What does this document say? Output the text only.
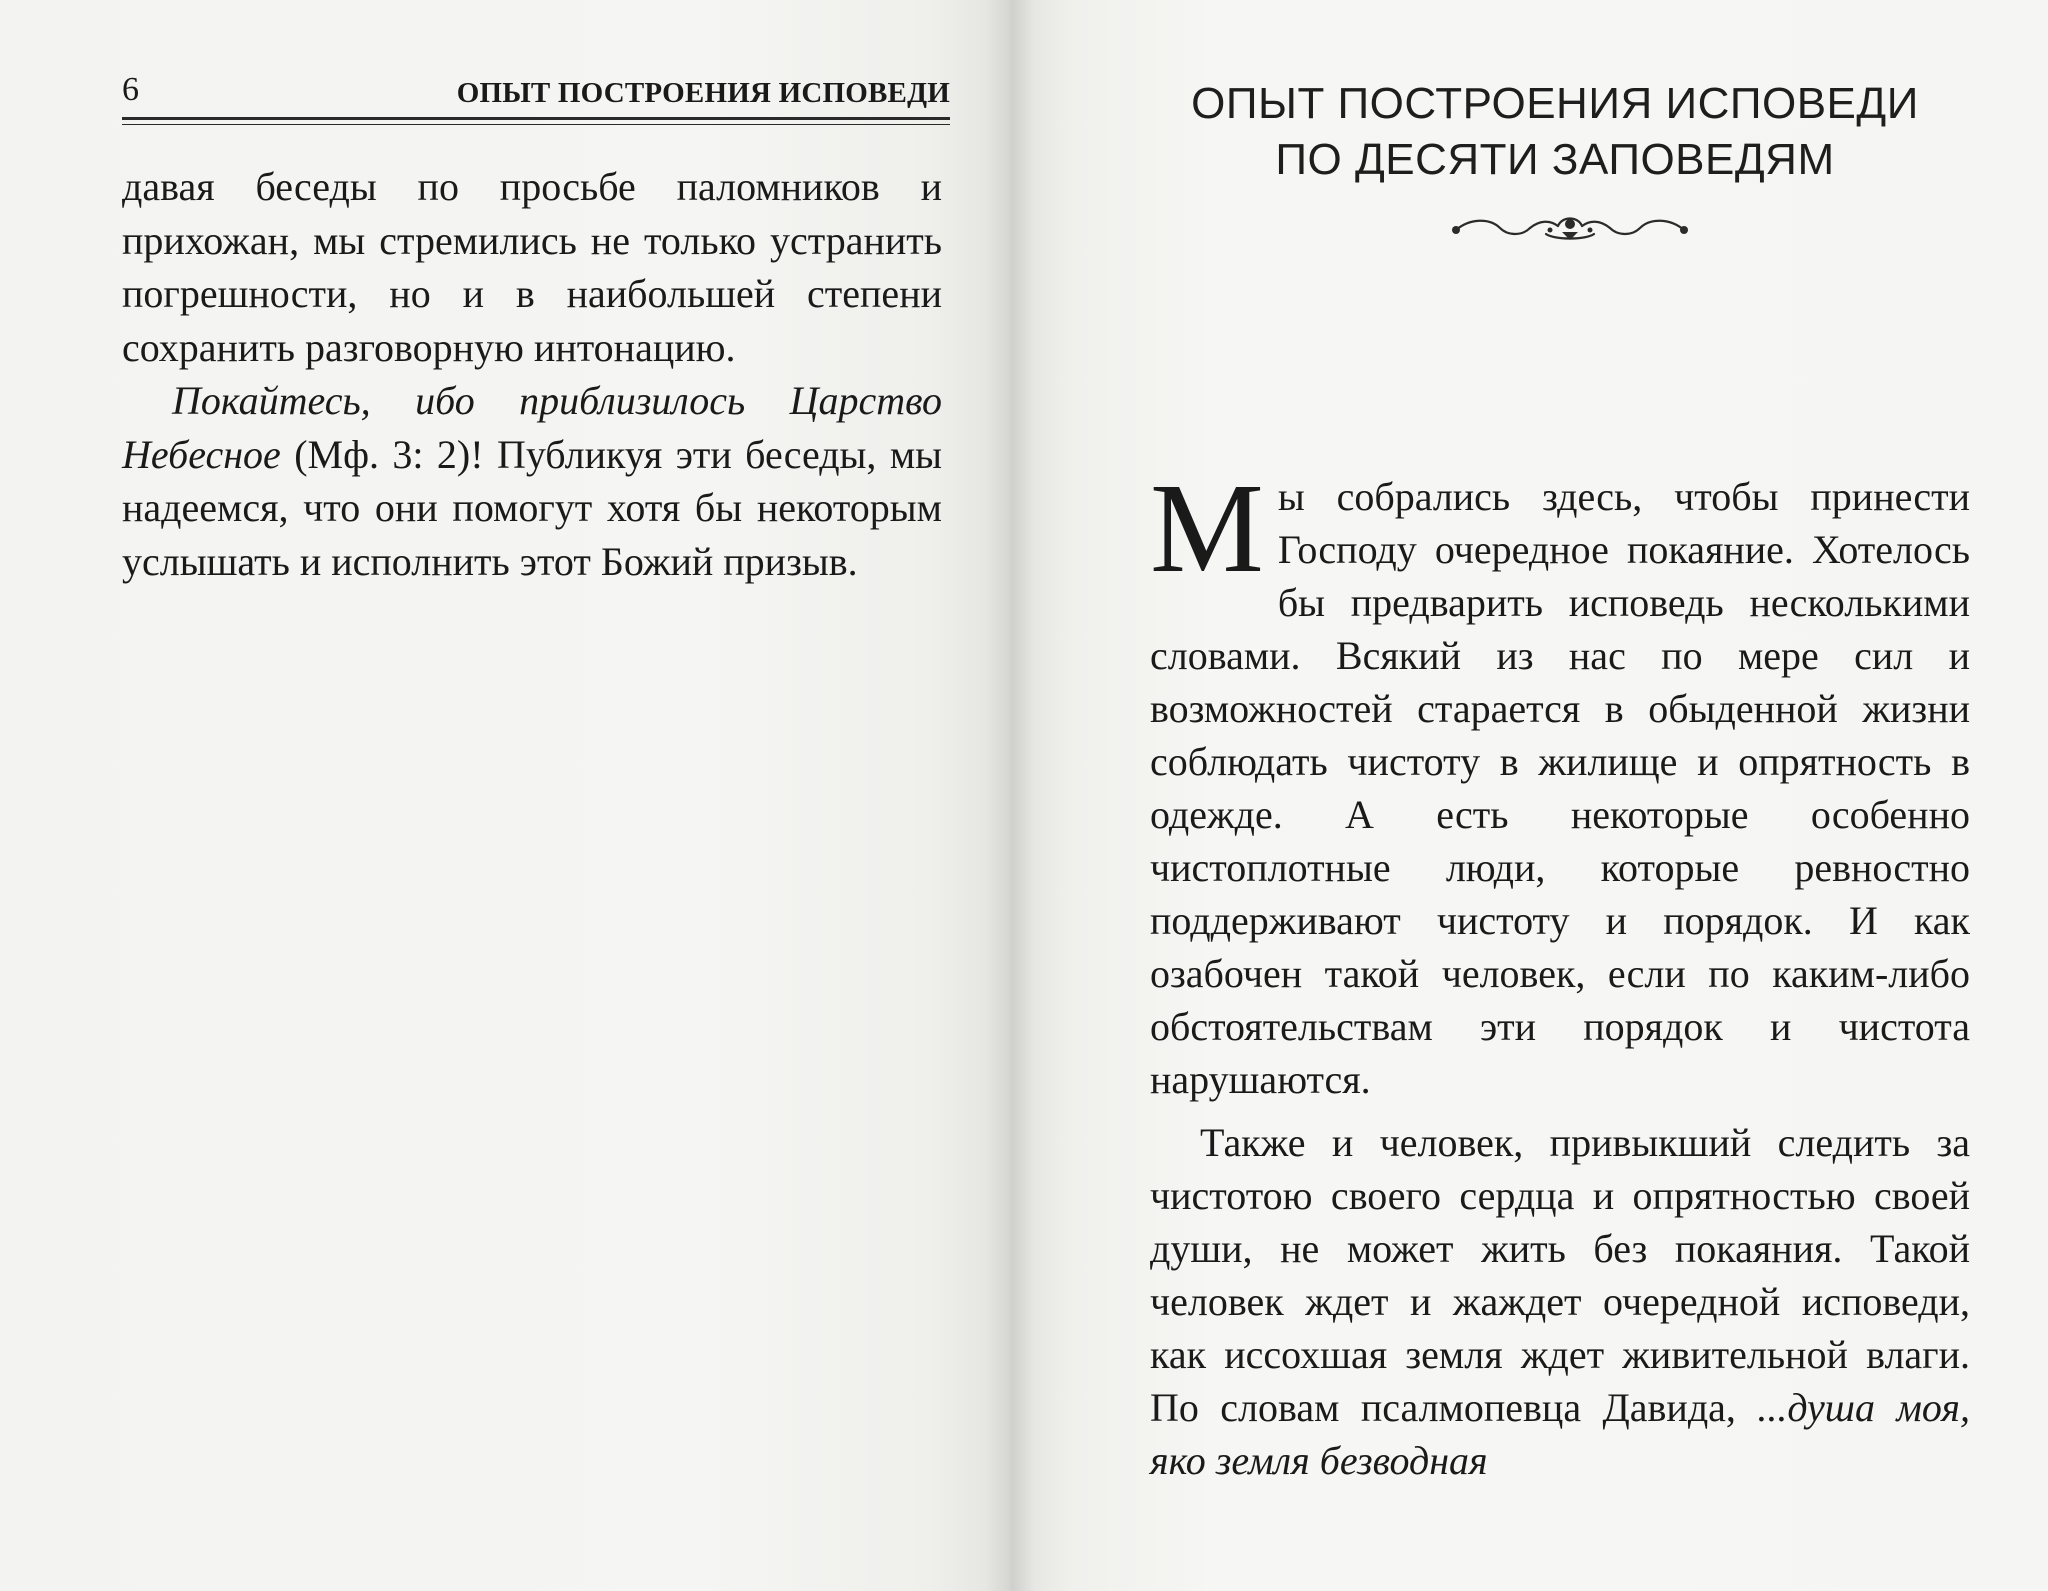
6	ОПЫТ ПОСТРОЕНИЯ ИСПОВЕДИ

давая беседы по просьбе паломников и прихожан, мы стремились не только устранить погрешности, но и в наибольшей степени сохранить разговорную интонацию.

Покайтесь, ибо приблизилось Царство Небесное (Мф. 3: 2)! Публикуя эти беседы, мы надеемся, что они помогут хотя бы некоторым услышать и исполнить этот Божий призыв.

ОПЫТ ПОСТРОЕНИЯ ИСПОВЕДИ
ПО ДЕСЯТИ ЗАПОВЕДЯМ

Мы собрались здесь, чтобы принести Господу очередное покаяние. Хотелось бы предварить исповедь несколькими словами. Всякий из нас по мере сил и возможностей старается в обыденной жизни соблюдать чистоту в жилище и опрятность в одежде. А есть некоторые особенно чистоплотные люди, которые ревностно поддерживают чистоту и порядок. И как озабочен такой человек, если по каким-либо обстоятельствам эти порядок и чистота нарушаются.

Также и человек, привыкший следить за чистотою своего сердца и опрятностью своей души, не может жить без покаяния. Такой человек ждет и жаждет очередной исповеди, как иссохшая земля ждет живительной влаги. По словам псалмопевца Давида, ...душа моя, яко земля безводная
